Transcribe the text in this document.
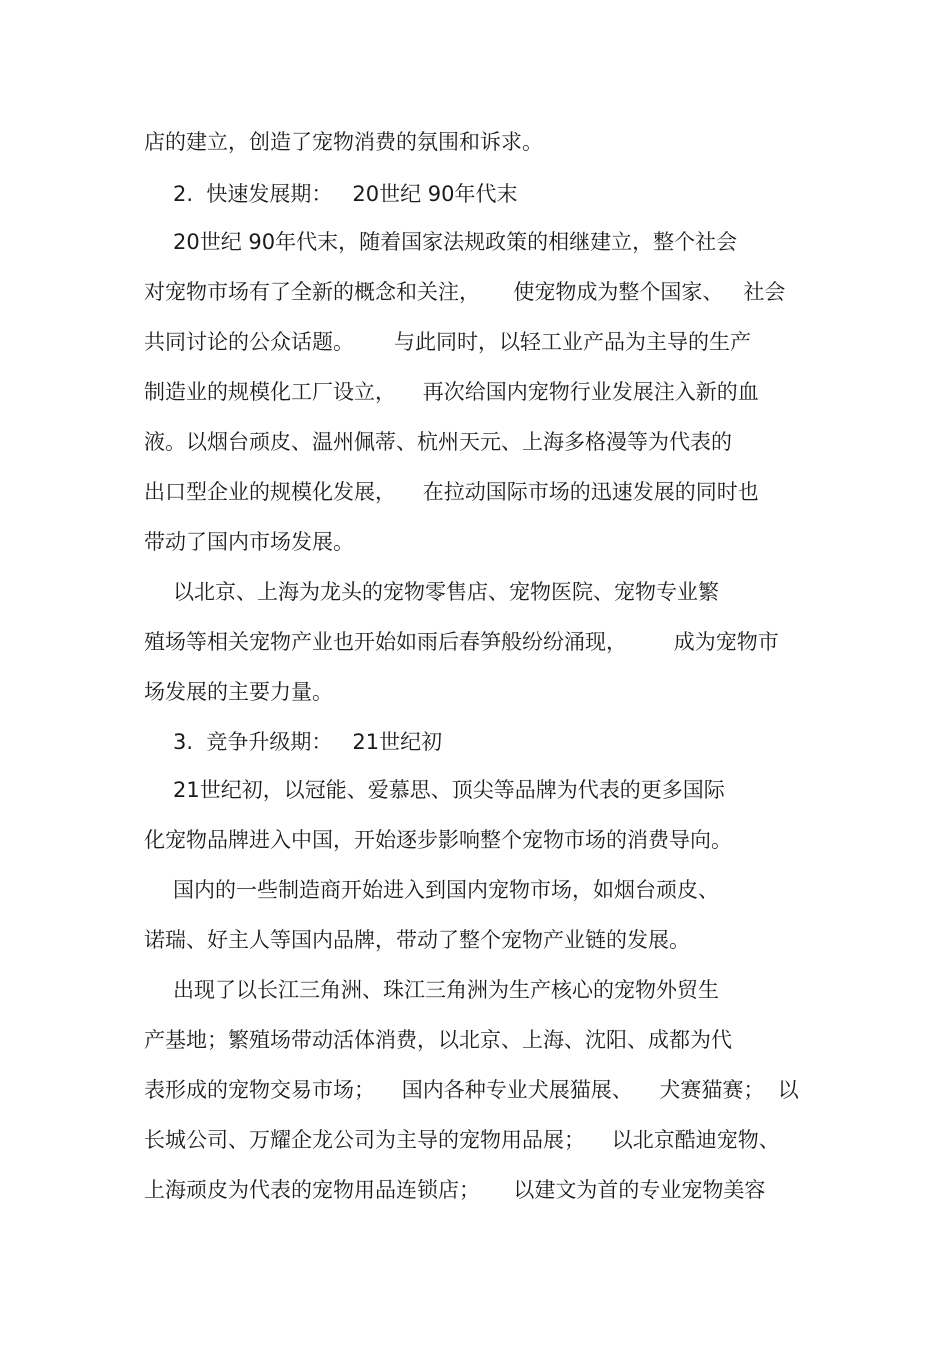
店的建立，创造了宠物消费的氛围和诉求。

2.  快速发展期：   20世纪 90年代末

20世纪 90年代末，随着国家法规政策的相继建立，整个社会

对宠物市场有了全新的概念和关注，     使宠物成为整个国家、   社会

共同讨论的公众话题。      与此同时，以轻工业产品为主导的生产

制造业的规模化工厂设立，    再次给国内宠物行业发展注入新的血

液。以烟台顽皮、温州佩蒂、杭州天元、上海多格漫等为代表的

出口型企业的规模化发展，    在拉动国际市场的迅速发展的同时也

带动了国内市场发展。

以北京、上海为龙头的宠物零售店、宠物医院、宠物专业繁

殖场等相关宠物产业也开始如雨后春笋般纷纷涌现，       成为宠物市

场发展的主要力量。

3.  竞争升级期：   21世纪初

21世纪初，以冠能、爱慕思、顶尖等品牌为代表的更多国际

化宠物品牌进入中国，开始逐步影响整个宠物市场的消费导向。

国内的一些制造商开始进入到国内宠物市场，如烟台顽皮、

诺瑞、好主人等国内品牌，带动了整个宠物产业链的发展。

出现了以长江三角洲、珠江三角洲为生产核心的宠物外贸生

产基地；繁殖场带动活体消费，以北京、上海、沈阳、成都为代

表形成的宠物交易市场；    国内各种专业犬展猫展、    犬赛猫赛；  以

长城公司、万耀企龙公司为主导的宠物用品展；    以北京酷迪宠物、

上海顽皮为代表的宠物用品连锁店；     以建文为首的专业宠物美容
